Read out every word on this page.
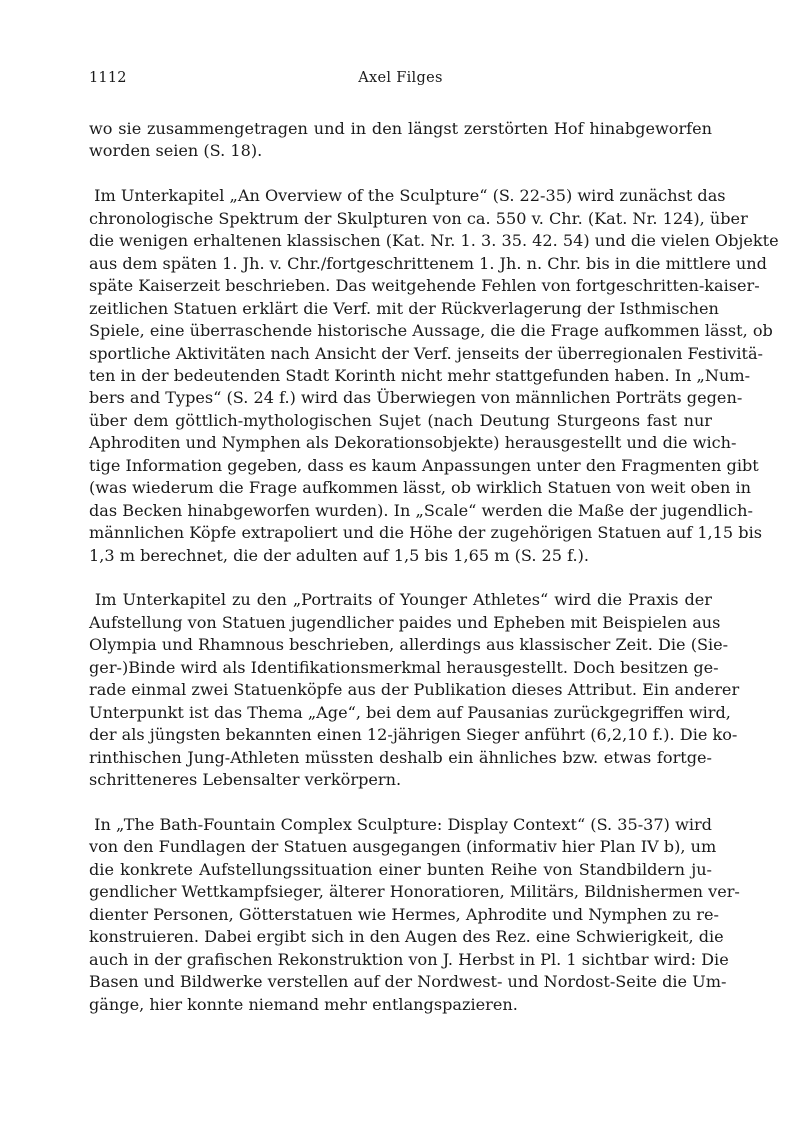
1112	Axel Filges

wo sie zusammengetragen und in den längst zerstörten Hof hinabgeworfen
worden seien (S. 18).

Im Unterkapitel „An Overview of the Sculpture“ (S. 22-35) wird zunächst das
chronologische Spektrum der Skulpturen von ca. 550 v. Chr. (Kat. Nr. 124), über
die wenigen erhaltenen klassischen (Kat. Nr. 1. 3. 35. 42. 54) und die vielen Objekte
aus dem späten 1. Jh. v. Chr./fortgeschrittenem 1. Jh. n. Chr. bis in die mittlere und
späte Kaiserzeit beschrieben. Das weitgehende Fehlen von fortgeschritten-kaiser-
zeitlichen Statuen erklärt die Verf. mit der Rückverlagerung der Isthmischen
Spiele, eine überraschende historische Aussage, die die Frage aufkommen lässt, ob
sportliche Aktivitäten nach Ansicht der Verf. jenseits der überregionalen Festivitä-
ten in der bedeutenden Stadt Korinth nicht mehr stattgefunden haben. In „Num-
bers and Types“ (S. 24 f.) wird das Überwiegen von männlichen Porträts gegen-
über dem göttlich-mythologischen Sujet (nach Deutung Sturgeons fast nur
Aphroditen und Nymphen als Dekorationsobjekte) herausgestellt und die wich-
tige Information gegeben, dass es kaum Anpassungen unter den Fragmenten gibt
(was wiederum die Frage aufkommen lässt, ob wirklich Statuen von weit oben in
das Becken hinabgeworfen wurden). In „Scale“ werden die Maße der jugendlich-
männlichen Köpfe extrapoliert und die Höhe der zugehörigen Statuen auf 1,15 bis
1,3 m berechnet, die der adulten auf 1,5 bis 1,65 m (S. 25 f.).

Im Unterkapitel zu den „Portraits of Younger Athletes“ wird die Praxis der
Aufstellung von Statuen jugendlicher paides und Epheben mit Beispielen aus
Olympia und Rhamnous beschrieben, allerdings aus klassischer Zeit. Die (Sie-
ger-)Binde wird als Identifikationsmerkmal herausgestellt. Doch besitzen ge-
rade einmal zwei Statuenköpfe aus der Publikation dieses Attribut. Ein anderer
Unterpunkt ist das Thema „Age“, bei dem auf Pausanias zurückgegriffen wird,
der als jüngsten bekannten einen 12-jährigen Sieger anführt (6,2,10 f.). Die ko-
rinthischen Jung-Athleten müssten deshalb ein ähnliches bzw. etwas fortge-
schritteneres Lebensalter verkörpern.

In „The Bath-Fountain Complex Sculpture: Display Context“ (S. 35-37) wird
von den Fundlagen der Statuen ausgegangen (informativ hier Plan IV b), um
die konkrete Aufstellungssituation einer bunten Reihe von Standbildern ju-
gendlicher Wettkampfsieger, älterer Honoratioren, Militärs, Bildnishermen ver-
dienter Personen, Götterstatuen wie Hermes, Aphrodite und Nymphen zu re-
konstruieren. Dabei ergibt sich in den Augen des Rez. eine Schwierigkeit, die
auch in der grafischen Rekonstruktion von J. Herbst in Pl. 1 sichtbar wird: Die
Basen und Bildwerke verstellen auf der Nordwest- und Nordost-Seite die Um-
gänge, hier konnte niemand mehr entlangspazieren.
